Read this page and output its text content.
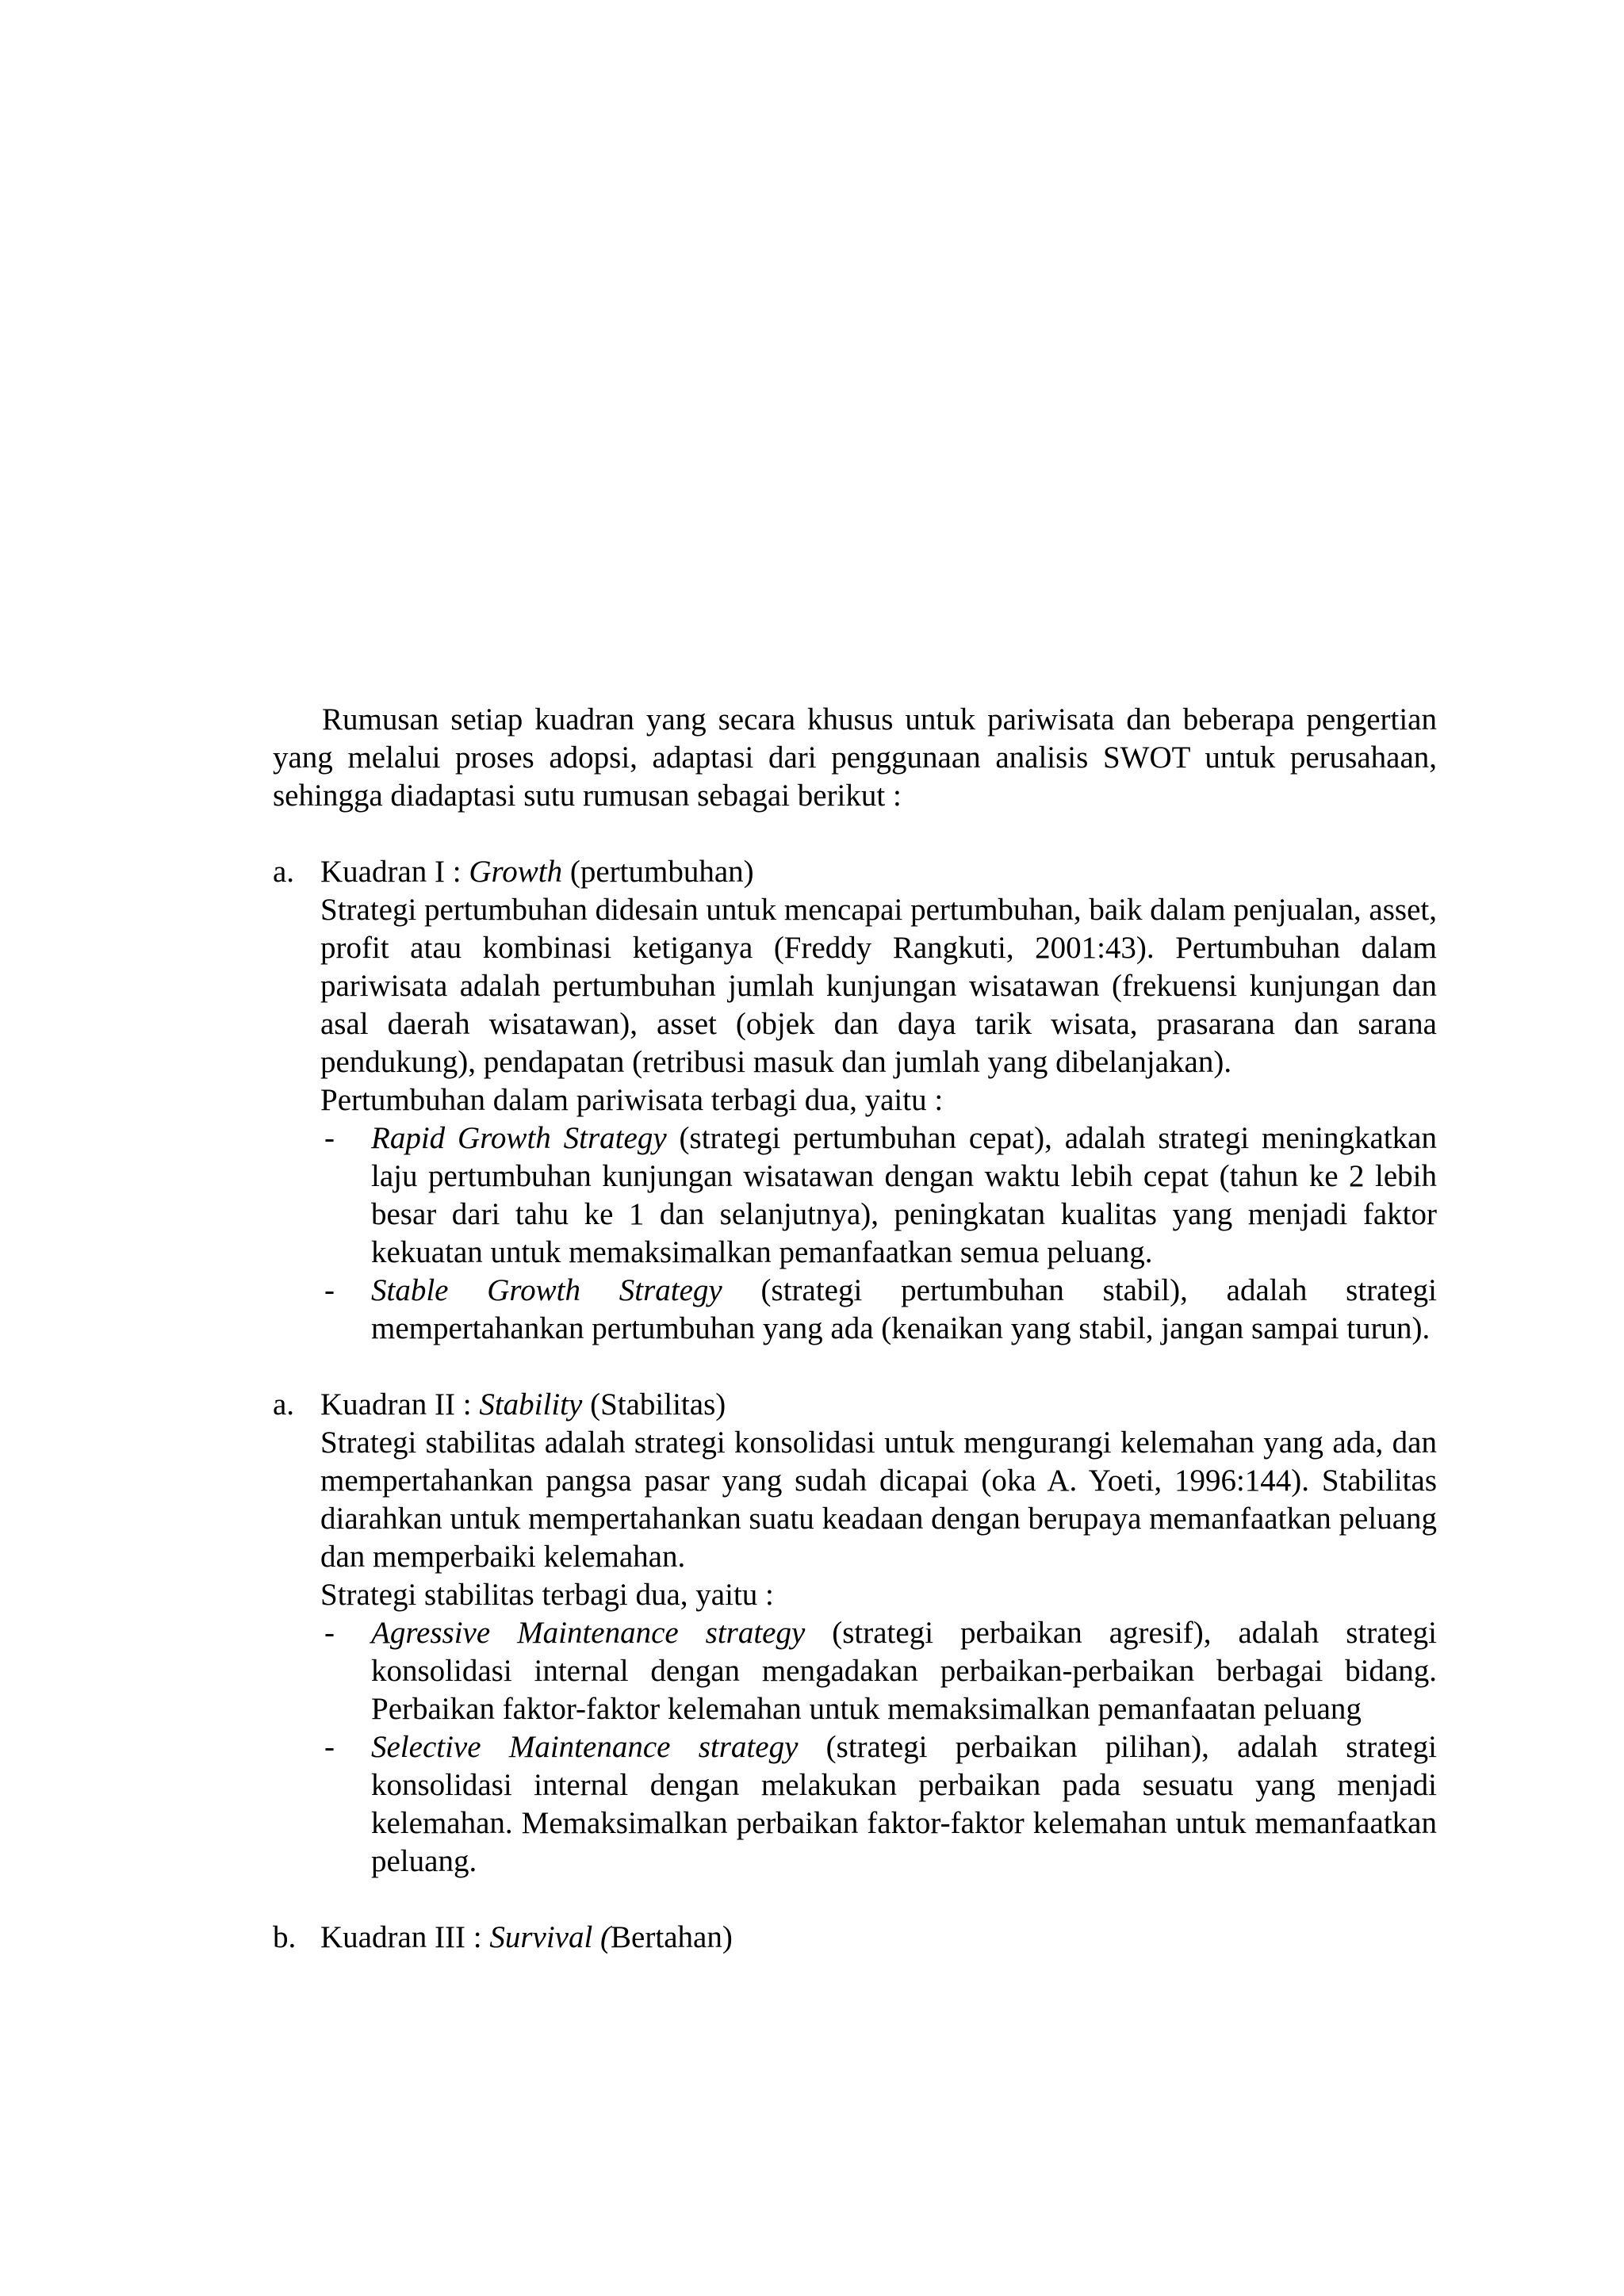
Rumusan setiap kuadran yang secara khusus untuk pariwisata dan beberapa pengertian yang melalui proses adopsi, adaptasi dari penggunaan analisis SWOT untuk perusahaan, sehingga diadaptasi sutu rumusan sebagai berikut :

a. Kuadran I : Growth (pertumbuhan)

Strategi pertumbuhan didesain untuk mencapai pertumbuhan, baik dalam penjualan, asset, profit atau kombinasi ketiganya (Freddy Rangkuti, 2001:43). Pertumbuhan dalam pariwisata adalah pertumbuhan jumlah kunjungan wisatawan (frekuensi kunjungan dan asal daerah wisatawan), asset (objek dan daya tarik wisata, prasarana dan sarana pendukung), pendapatan (retribusi masuk dan jumlah yang dibelanjakan).

Pertumbuhan dalam pariwisata terbagi dua, yaitu :

- Rapid Growth Strategy (strategi pertumbuhan cepat), adalah strategi meningkatkan laju pertumbuhan kunjungan wisatawan dengan waktu lebih cepat (tahun ke 2 lebih besar dari tahu ke 1 dan selanjutnya), peningkatan kualitas yang menjadi faktor kekuatan untuk memaksimalkan pemanfaatkan semua peluang.

- Stable Growth Strategy (strategi pertumbuhan stabil), adalah strategi mempertahankan pertumbuhan yang ada (kenaikan yang stabil, jangan sampai turun).

a. Kuadran II : Stability (Stabilitas)

Strategi stabilitas adalah strategi konsolidasi untuk mengurangi kelemahan yang ada, dan mempertahankan pangsa pasar yang sudah dicapai (oka A. Yoeti, 1996:144). Stabilitas diarahkan untuk mempertahankan suatu keadaan dengan berupaya memanfaatkan peluang dan memperbaiki kelemahan.

Strategi stabilitas terbagi dua, yaitu :

- Agressive Maintenance strategy (strategi perbaikan agresif), adalah strategi konsolidasi internal dengan mengadakan perbaikan-perbaikan berbagai bidang. Perbaikan faktor-faktor kelemahan untuk memaksimalkan pemanfaatan peluang

- Selective Maintenance strategy (strategi perbaikan pilihan), adalah strategi konsolidasi internal dengan melakukan perbaikan pada sesuatu yang menjadi kelemahan. Memaksimalkan perbaikan faktor-faktor kelemahan untuk memanfaatkan peluang.

b. Kuadran III : Survival (Bertahan)
